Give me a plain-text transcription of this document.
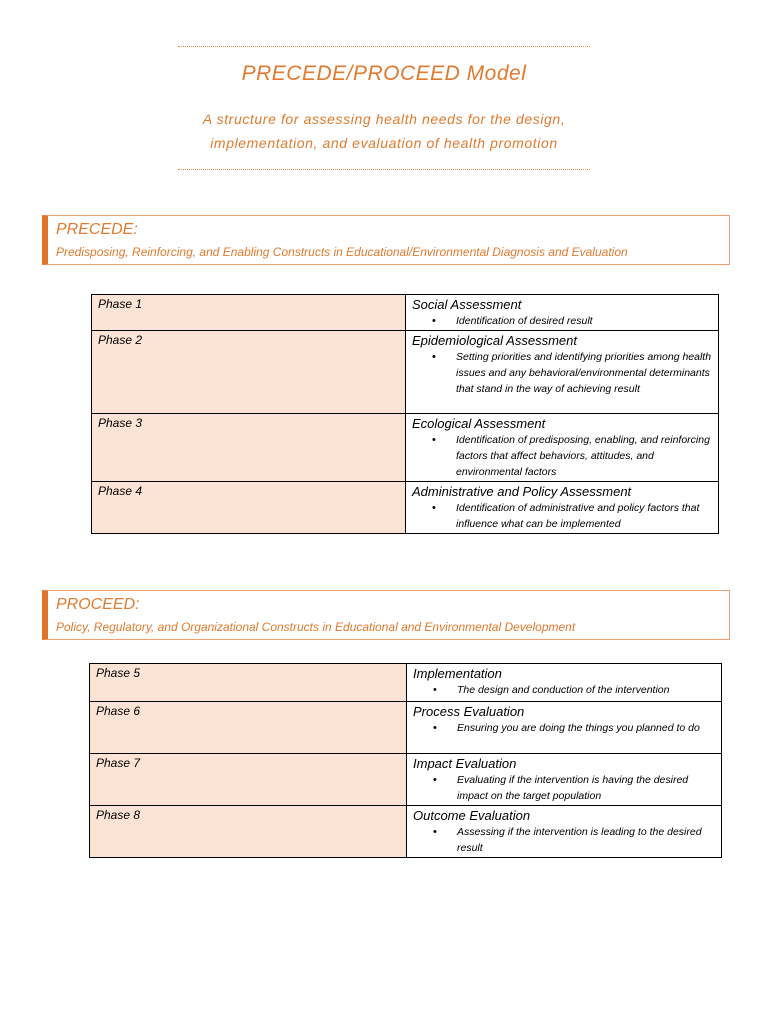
PRECEDE/PROCEED Model
A structure for assessing health needs for the design,
implementation, and evaluation of health promotion
PRECEDE:
Predisposing, Reinforcing, and Enabling Constructs in Educational/Environmental Diagnosis and Evaluation
Phase 1	Social Assessment
• Identification of desired result

Phase 2	Epidemiological Assessment
• Setting priorities and identifying priorities among health issues and any behavioral/environmental determinants that stand in the way of achieving result

Phase 3	Ecological Assessment
• Identification of predisposing, enabling, and reinforcing factors that affect behaviors, attitudes, and environmental factors

Phase 4	Administrative and Policy Assessment
• Identification of administrative and policy factors that influence what can be implemented
PROCEED:
Policy, Regulatory, and Organizational Constructs in Educational and Environmental Development
Phase 5	Implementation
• The design and conduction of the intervention

Phase 6	Process Evaluation
• Ensuring you are doing the things you planned to do

Phase 7	Impact Evaluation
• Evaluating if the intervention is having the desired impact on the target population

Phase 8	Outcome Evaluation
• Assessing if the intervention is leading to the desired result
